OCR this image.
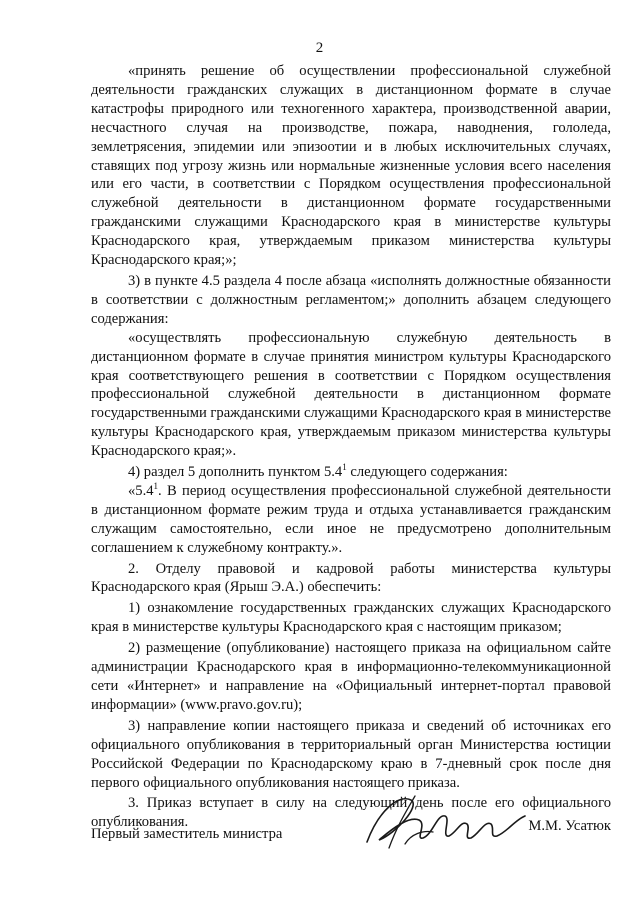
2

«принять решение об осуществлении профессиональной служебной деятельности гражданских служащих в дистанционном формате в случае катастрофы природного или техногенного характера, производственной аварии, несчастного случая на производстве, пожара, наводнения, гололеда, землетрясения, эпидемии или эпизоотии и в любых исключительных случаях, ставящих под угрозу жизнь или нормальные жизненные условия всего населения или его части, в соответствии с Порядком осуществления профессиональной служебной деятельности в дистанционном формате государственными гражданскими служащими Краснодарского края в министерстве культуры Краснодарского края, утверждаемым приказом министерства культуры Краснодарского края;»;

3) в пункте 4.5 раздела 4 после абзаца «исполнять должностные обязанности в соответствии с должностным регламентом;» дополнить абзацем следующего содержания:

«осуществлять профессиональную служебную деятельность в дистанционном формате в случае принятия министром культуры Краснодарского края соответствующего решения в соответствии с Порядком осуществления профессиональной служебной деятельности в дистанционном формате государственными гражданскими служащими Краснодарского края в министерстве культуры Краснодарского края, утверждаемым приказом министерства культуры Краснодарского края;».

4) раздел 5 дополнить пунктом $5.4^1$ следующего содержания:

«$5.4^1$. В период осуществления профессиональной служебной деятельности в дистанционном формате режим труда и отдыха устанавливается гражданским служащим самостоятельно, если иное не предусмотрено дополнительным соглашением к служебному контракту.».

2. Отделу правовой и кадровой работы министерства культуры Краснодарского края (Ярыш Э.А.) обеспечить:

1) ознакомление государственных гражданских служащих Краснодарского края в министерстве культуры Краснодарского края с настоящим приказом;

2) размещение (опубликование) настоящего приказа на официальном сайте администрации Краснодарского края в информационно-телекоммуникационной сети «Интернет» и направление на «Официальный интернет-портал правовой информации» (www.pravo.gov.ru);

3) направление копии настоящего приказа и сведений об источниках его официального опубликования в территориальный орган Министерства юстиции Российской Федерации по Краснодарскому краю в 7-дневный срок после дня первого официального опубликования настоящего приказа.

3. Приказ вступает в силу на следующий день после его официального опубликования.

Первый заместитель министра	М.М. Усатюк
